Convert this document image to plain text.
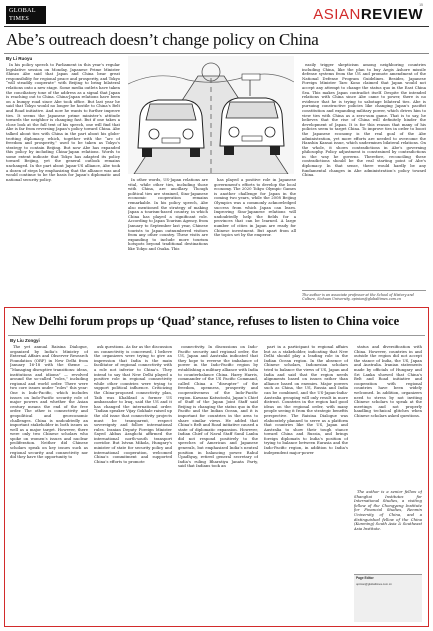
GLOBAL
TIMES
15
ASIANREVIEW
Abe’s outreach doesn’t change policy on China
By Li Ruoyu

In his policy speech to Parliament in this year’s regular legislative session on Monday, Japanese Prime Minister Shinzo Abe said that Japan and China bear great responsibility for regional peace and prosperity, and Tokyo “will steadily cooperate” with Beijing to bring bilateral relations onto a new stage. Some media outlets have taken the conciliatory tone of the address as a signal that Japan is reaching out to China. China-Japan relations have been on a bumpy road since Abe took office. But last year he said that Tokyo would no longer be hostile to China’s Belt and Road initiative. And now he wants to further improve ties. It seems the Japanese prime minister’s attitude towards the neighbor is changing fast. But if one takes a close look at the full text of his speech, one will find that Abe is far from reversing Japan’s policy toward China. Abe talked about ties with China in the part about his globe-trotting diplomacy, which, together with the “arc of freedom and prosperity,” used to be taken as Tokyo’s strategy to contain Beijing. But now Abe has expanded this policy by including China-Japan relations. Words to some extent indicate that Tokyo has adapted its policy toward Beijing, yet the general outlook remains unchanged. In the part about Japan-US alliance, Abe took a dozen of steps by emphasizing that the alliance was and would continue to be the basis for Japan’s diplomatic and national security policy.	In other words, US-Japan relations are vital, while other ties, including those with China, are ancillary. Though political ties are strained, Sino-Japanese economic cooperation remains remarkable. In his policy speech, Abe also mentioned the strategy of making Japan a tourism-based country, in which China has played a significant role. According to Japan Tourism Agency, from January to September last year, Chinese tourists to Japan outnumbered visitors from any other country. These visits are expanding to include more tourism hotspots beyond traditional destinations like Tokyo and Osaka. This

has played a positive role in Japanese government’s efforts to develop the local economy. The 2020 Tokyo Olympic Games is another challenge for Japan in the coming two years, while the 2008 Beijing Olympics was a commonly acknowledged success from which Japan can learn. Improving Sino-Japanese relations will undoubtedly help the fields for a provinces that can be learned. A large number of cities in Japan are ready for Chinese investment. But apart from all the topics set by the emperor.

easily trigger skepticism among neighboring countries including China, like the plan to buy Aegis Ashore missile defense systems from the US and promote amendment of the National Defense Program Guidelines. Besides, Japanese Foreign Minister Taro Kono claimed that Japan would not accept any attempt to change the status quo in the East China Sea. This makes Japan contradict itself. Despite the intended relations with China since Abe came to power, there is no evidence that he is trying to sabotage bilateral ties. Abe is pursuing constructive policies like changing Japan’s pacifist constitution and expanding military power, which drives him to view ties with China as a zero-sum game. That is to say, he believes that the rise of China will definitely hinder the development of Japan. It is for this reason that many of his policies seem to target China. To improve ties in order to boost the Japanese economy is the real goal of the Abe administration, yet more efforts are needed to overcome the Hanshin Kansai issue, which undermines bilateral relations. On the whole, it shows contradictions in Abe’s governing philosophy. Policy adjustment is constrained by contradictions in the way he governs. Therefore, reconciling these contradictions should be the real starting point of Abe’s diplomacy. In that sense, there would hardly be any fundamental changes in Abe administration’s policy toward China.

The author is an associate professor at the School of History and Culture, Sichuan University. opinion@globaltimes.com.cn
New Delhi forum props up ‘Quad’ stance, refuses to listen to China voice
By Liu Zongyi

The yet annual Raisina Dialogue, organized by India’s Ministry of External Affairs and Observer Research Foundation (ORF) in New Delhi from January 16-18 with the theme — “Managing disruptive transitions: ideas, institutions and idioms” — revolved around the so-called “roles,” including regional and world order. There were two core issues under “roles” this year: One is Indo-Pacific, which includes issues on Indo-Pacific security role of major powers and whether the Asian century means the end of the free order. The other is connectivity and geopolitical and geoeconomic challenges. China is undoubtedly an important stakeholder in both issues as well as a major target. However, there were only two Chinese scholars who spoke on women’s issues and nuclear proliferation. Neither did Chinese scholars speak on key issues such as regional security and connectivity nor did they have the opportunity to

ask questions. As far as the discussion on connectivity is concerned, I believe the organizers were trying to give an impression that India is the main facilitator of regional connectivity with a role not inferior to China’s. They intend to say that New Delhi played a positive role in regional connectivity while other countries were trying to support political influence. Criticizing the China-proposed connectivity plan, Taib was Khalilzad a former US ambassador to Iraq, said the US and it has changed the international order. “Indian speaker Vijay Gokhale raised up the old issue that connectivity projects must be transparent, respect sovereignty and follow international rules. Iranian Deputy Foreign Minister Sayed Abbas Araghchi affirmed the international north-south transport corridor. But Istvan Mikola, Hungary’s minister of state for security policy and international cooperation, welcomed China’s commitment and supported China’s efforts to promote

connectivity. In discussions on Indo-Pacific security and regional order, the US, Japan and Australia indicated that they hope to reverse the imbalance of power in the Indo-Pacific region by establishing a military alliance with India to counterbalance China. Harry Harris, commander of the US Pacific Command, called China a “disrupter” of the freedom, openness, prosperity and cooperativeness of the Indo-Pacific region. Kawano Katsutoshi, Japan’s Chief of Staff of the Japan Joint Staff said Beijing is changing the status quo in the Pacific and the Indian Ocean, and it is important for countries in the area to share similar views. He added that China’s Belt and Road initiative caused a state of diplomatic expansion. However, Indian Chief of Naval Staff Sunil Lanba did not respond positively to the speeches of American and Japanese generals, but emphasized India’s neutral position in balancing power. Rahul Upadhyay, retired general secretary of India’s ruling Bharatiya Janata Party, said that Indians took an

part in a participant to regional affairs but as a stakeholder, indicating that New Delhi should play a leading role in the Indian Ocean region. In the absence of Chinese scholars, Indonesian scholars tried to balance the views of US, Japan and India and said that the region needs alignments based on issues rather than alliance based on enemies. Major powers such as China, the US, Russia and India can be combined, and the US-Japan-India-Australia grouping will only result in more distrust. Countries in the region had good ideas on the regional order, with many people seeing it from the strategic benefits perspective. The Raisina Dialogue was elaborately planned to serve as a platform that countries like the US, Japan and Australia to show their tough stance toward China and Russia, and brings foreign diplomats to India’s position of trying to balance between Eurasia and the Indo-Pacific region, in addition to India’s independent major-power

status and diversification with China. However, countries in and outside the region did not accept the stance of India, the US, Japan and Australia. Iranian statements made by officials of Hungary and Sri Lanka showed that China’s Belt and Road initiative and cooperation with regional countries have been widely welcomed. In addition, organizers need to stress by not inviting Chinese scholars to speak at the meetings and not properly handling technical glitches when Chinese scholars asked questions.

The author is a senior fellow of Shanghai Institutes for International Studies, a visiting fellow of the Chongyang Institute for Financial Studies, Renmin University of China, and a distinguished fellow of the China (Kunming) South Asia & Southeast Asia Institute.

Page Editor
opinion@globaltimes.com.cn
